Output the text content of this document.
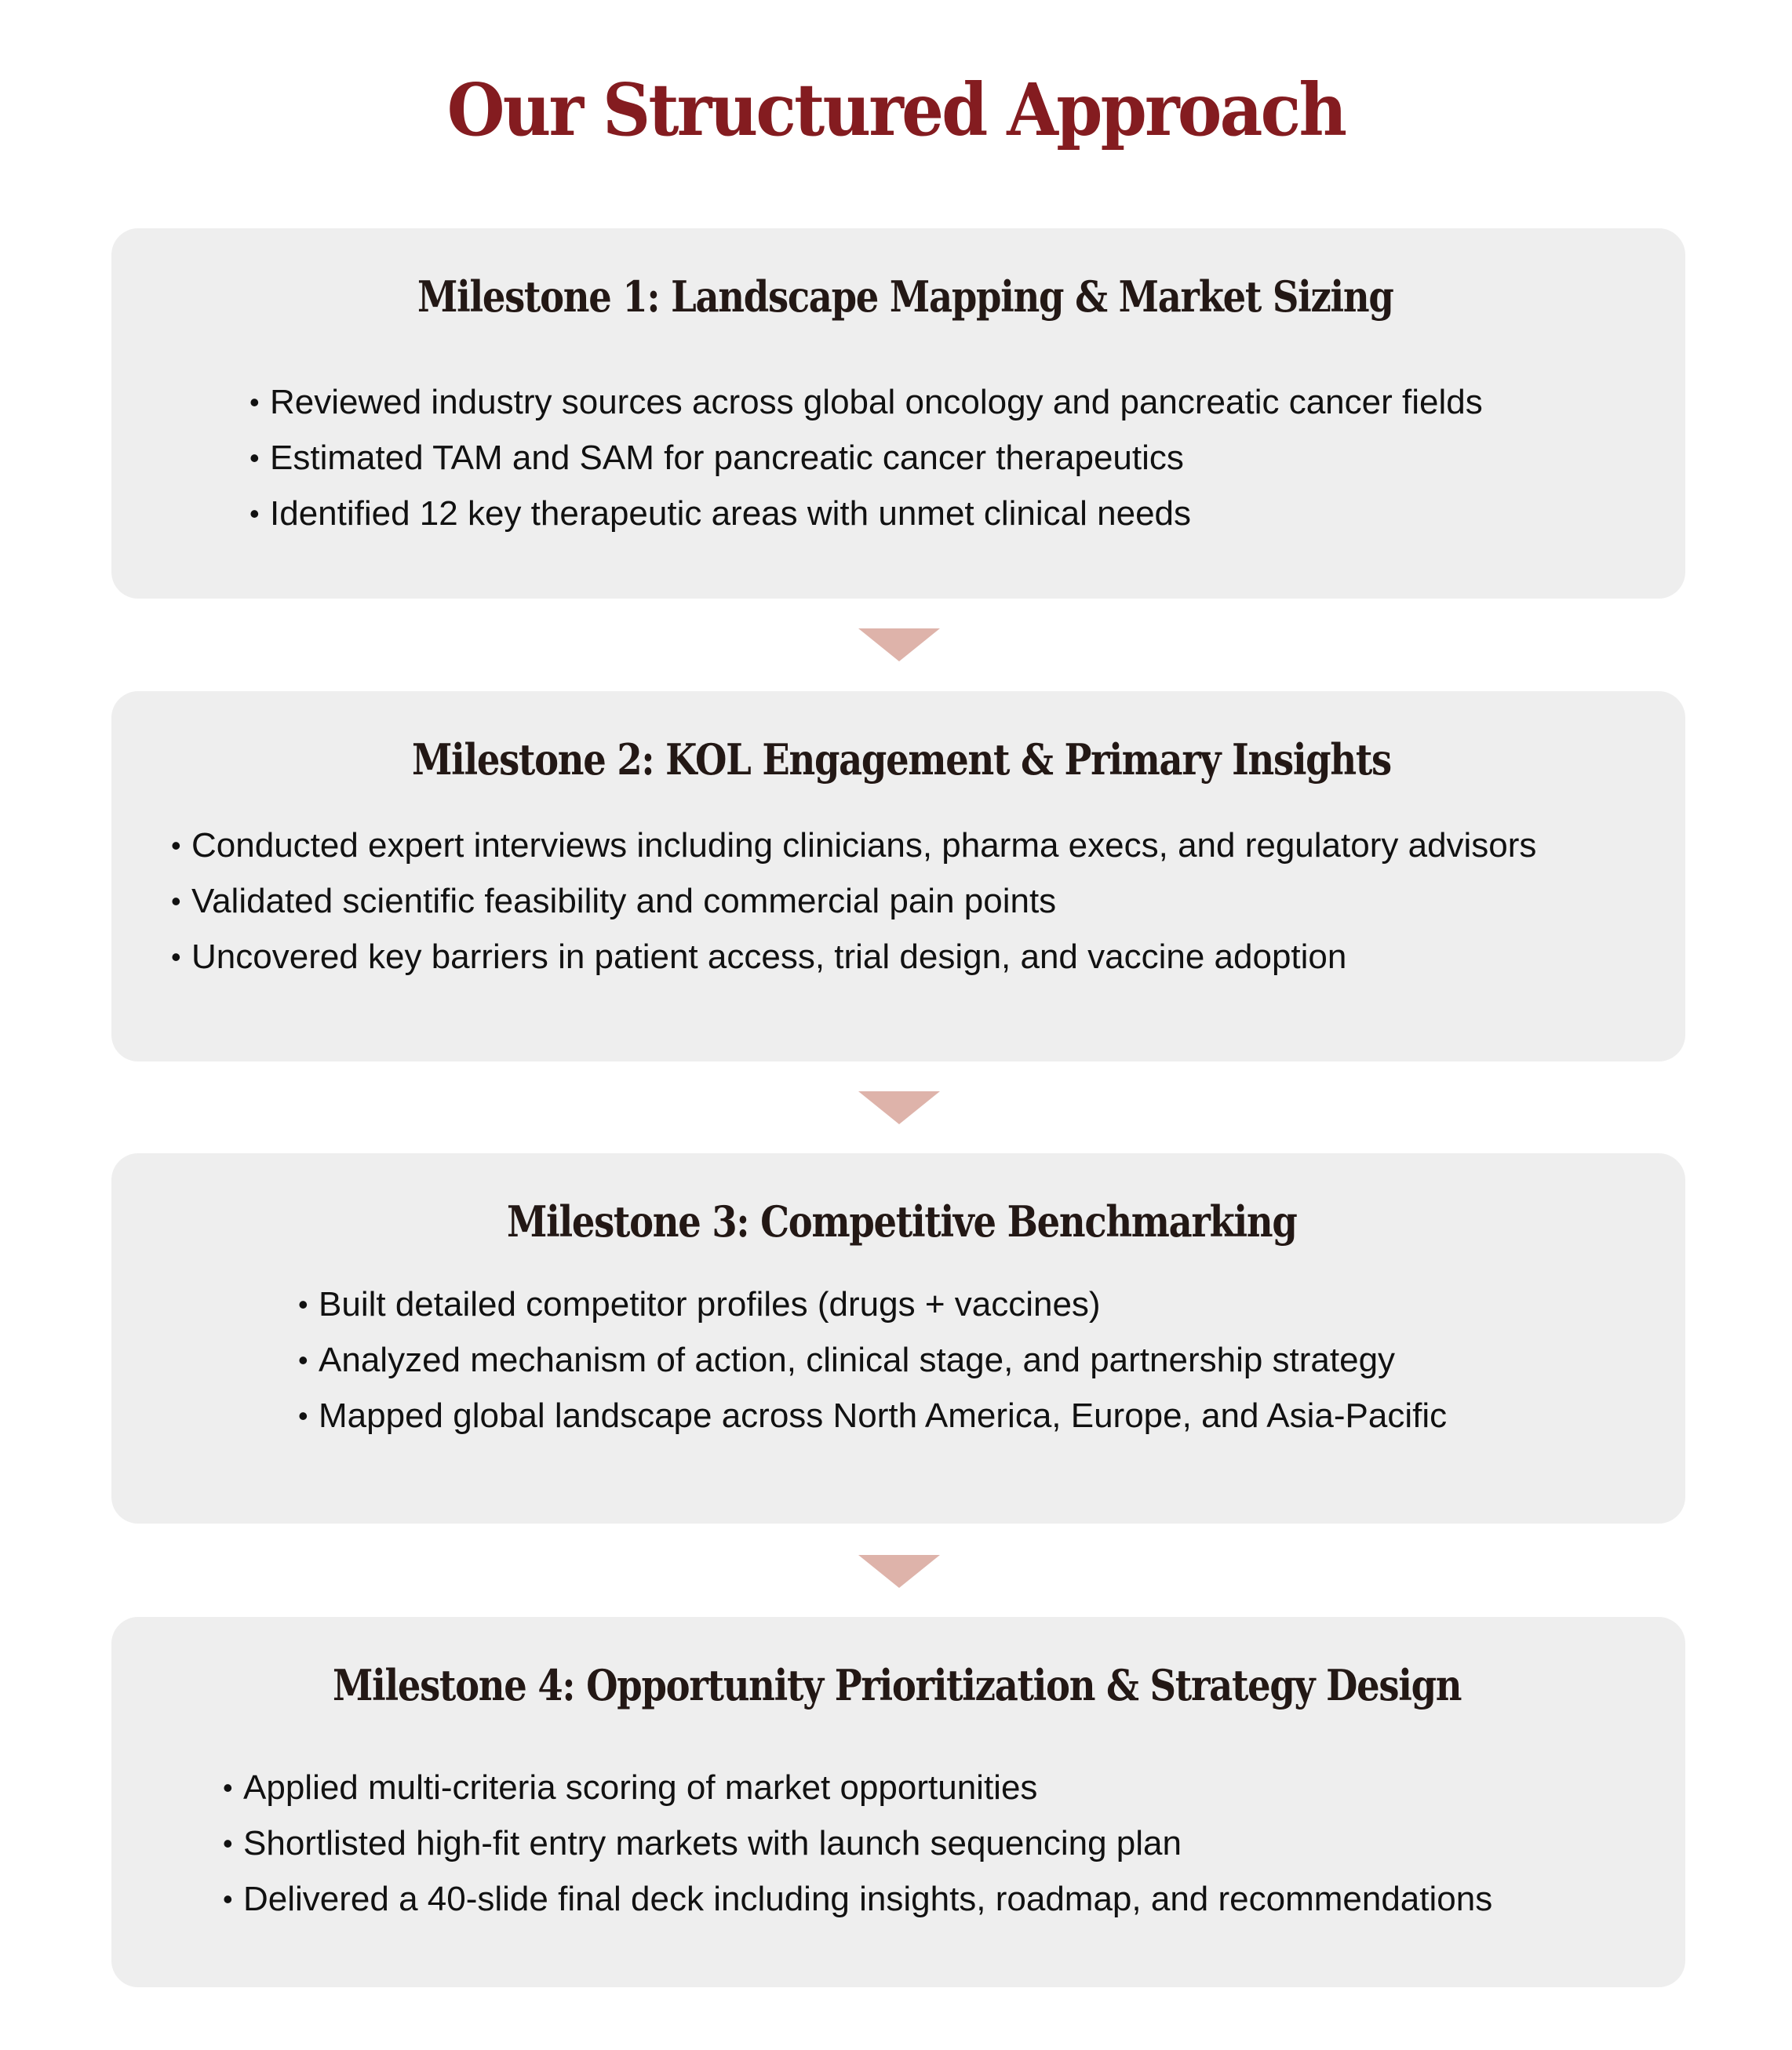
Our Structured Approach
Milestone 1: Landscape Mapping & Market Sizing
• Reviewed industry sources across global oncology and pancreatic cancer fields
• Estimated TAM and SAM for pancreatic cancer therapeutics
• Identified 12 key therapeutic areas with unmet clinical needs
Milestone 2: KOL Engagement & Primary Insights
• Conducted expert interviews including clinicians, pharma execs, and regulatory advisors
• Validated scientific feasibility and commercial pain points
• Uncovered key barriers in patient access, trial design, and vaccine adoption
Milestone 3: Competitive Benchmarking
• Built detailed competitor profiles (drugs + vaccines)
• Analyzed mechanism of action, clinical stage, and partnership strategy
• Mapped global landscape across North America, Europe, and Asia-Pacific
Milestone 4: Opportunity Prioritization & Strategy Design
• Applied multi-criteria scoring of market opportunities
• Shortlisted high-fit entry markets with launch sequencing plan
• Delivered a 40-slide final deck including insights, roadmap, and recommendations
